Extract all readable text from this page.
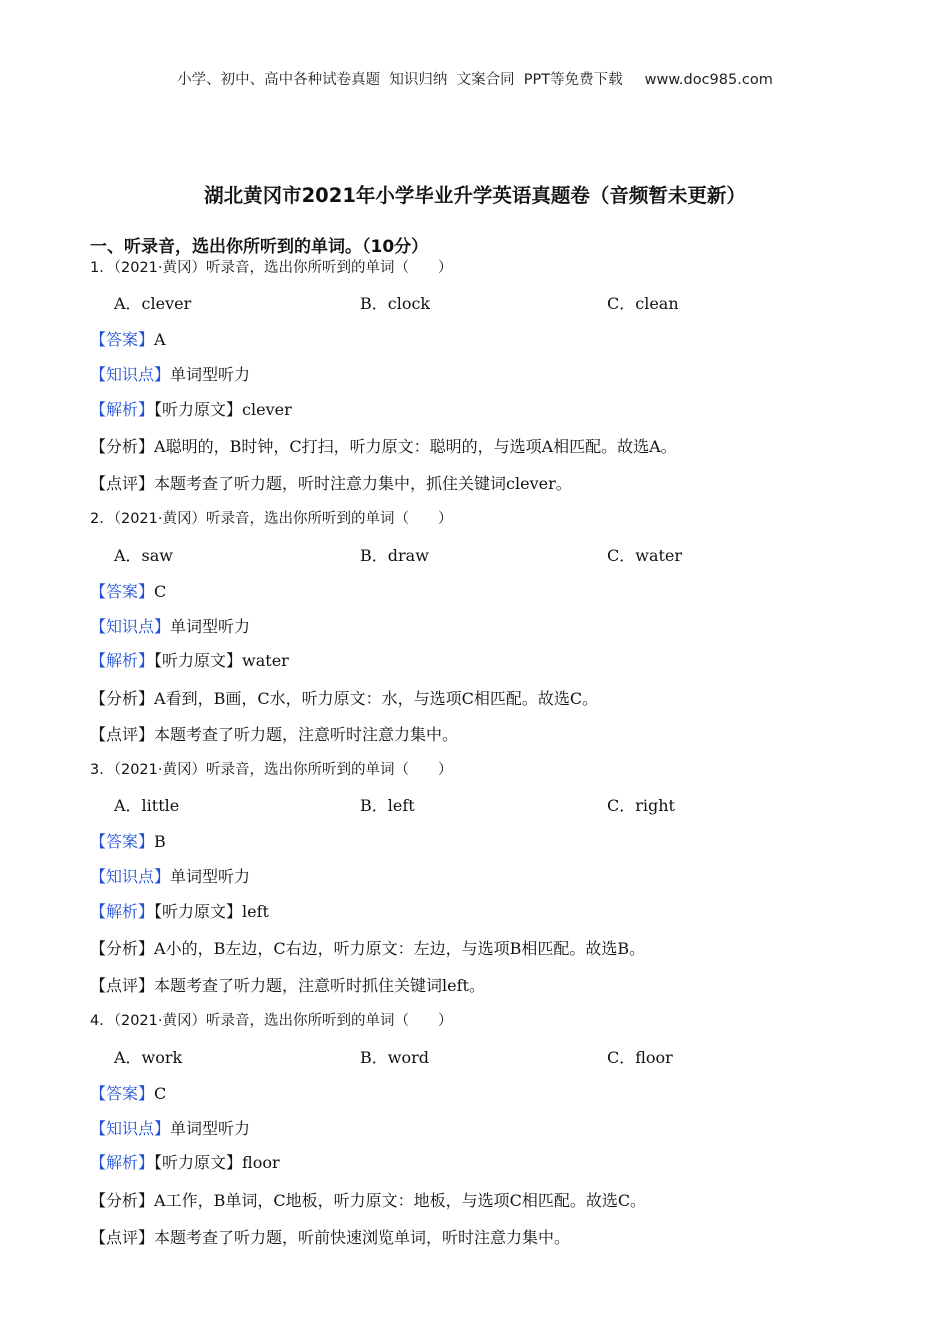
小学、初中、高中各种试卷真题  知识归纳  文案合同  PPT等免费下载 www.doc985.com
湖北黄冈市2021年小学毕业升学英语真题卷（音频暂未更新）
一、听录音，选出你所听到的单词。（10分）
1．（2021·黄冈）听录音，选出你所听到的单词（　　）
A．clever	B．clock	C．clean
【答案】A
【知识点】单词型听力
【解析】【听力原文】clever
【分析】A聪明的，B时钟，C打扫，听力原文：聪明的，与选项A相匹配。故选A。
【点评】本题考查了听力题，听时注意力集中，抓住关键词clever。
2．（2021·黄冈）听录音，选出你所听到的单词（　　）
A．saw	B．draw	C．water
【答案】C
【知识点】单词型听力
【解析】【听力原文】water
【分析】A看到，B画，C水，听力原文：水，与选项C相匹配。故选C。
【点评】本题考查了听力题，注意听时注意力集中。
3．（2021·黄冈）听录音，选出你所听到的单词（　　）
A．little	B．left	C．right
【答案】B
【知识点】单词型听力
【解析】【听力原文】left
【分析】A小的，B左边，C右边，听力原文：左边，与选项B相匹配。故选B。
【点评】本题考查了听力题，注意听时抓住关键词left。
4．（2021·黄冈）听录音，选出你所听到的单词（　　）
A．work	B．word	C．floor
【答案】C
【知识点】单词型听力
【解析】【听力原文】floor
【分析】A工作，B单词，C地板，听力原文：地板，与选项C相匹配。故选C。
【点评】本题考查了听力题，听前快速浏览单词，听时注意力集中。
